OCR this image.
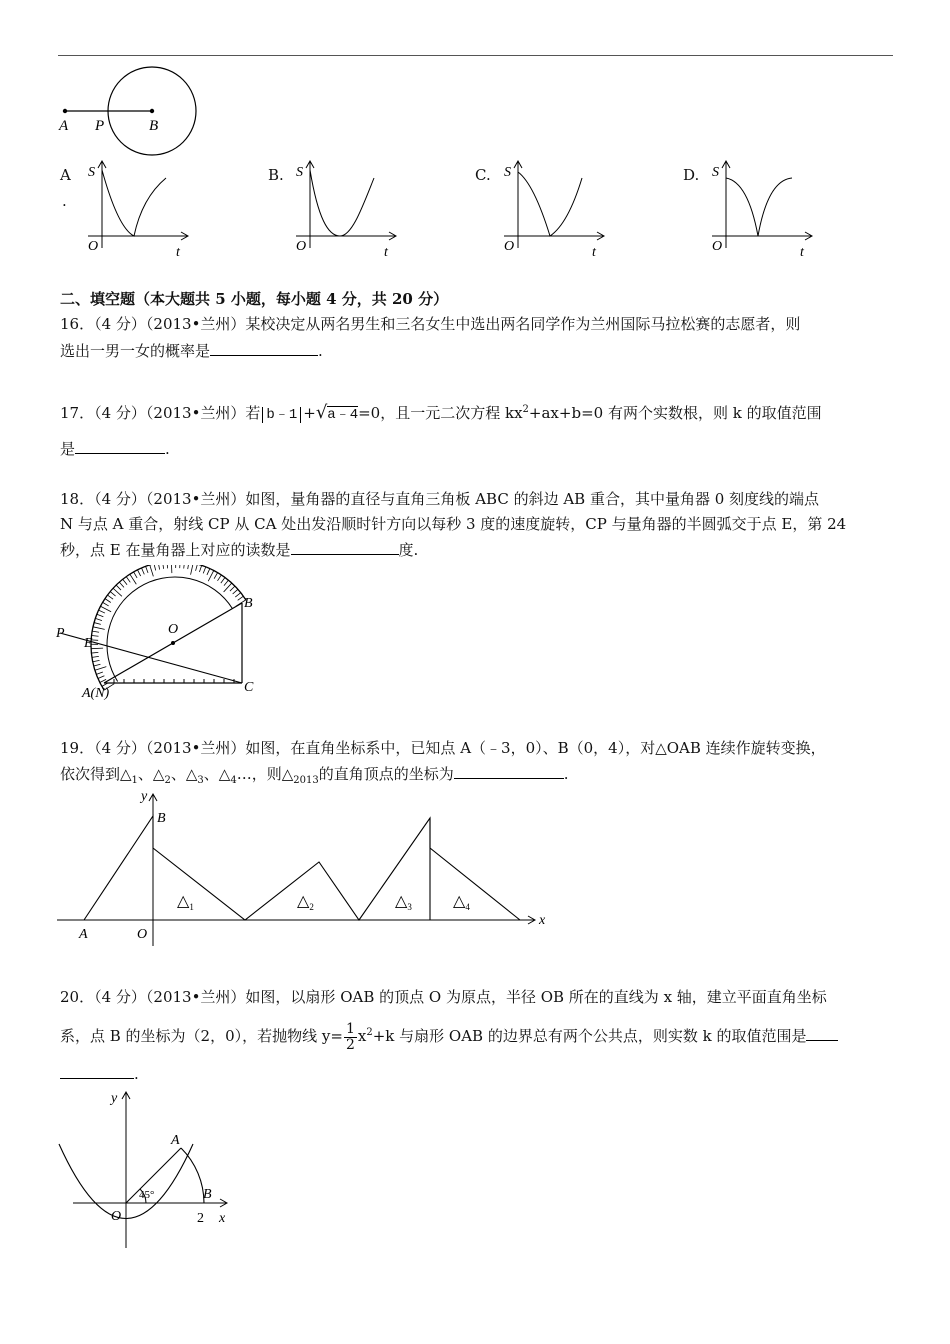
A P	B
A
.
B.	C.	D.
S
O	t
S
O	t
S
O	t
S
O	t
二、填空题（本大题共 5 小题，每小题 4 分，共 20 分）
16．（4 分）（2013•兰州）某校决定从两名男生和三名女生中选出两名同学作为兰州国际马拉松赛的志愿者，则
选出一男一女的概率是	.
17．（4 分）（2013•兰州）若 b﹣1 +√a﹣4=0，且一元二次方程 $kx^2+ax+b=0$ 有两个实数根，则 k 的取值范围
是	.
18．（4 分）（2013•兰州）如图，量角器的直径与直角三角板 ABC 的斜边 AB 重合，其中量角器 0 刻度线的端点
N 与点 A 重合，射线 CP 从 CA 处出发沿顺时针方向以每秒 3 度的速度旋转，CP 与量角器的半圆弧交于点 E，第 24
秒，点 E 在量角器上对应的读数是	度.
P
E
O
B
A(N)	C
19．（4 分）（2013•兰州）如图，在直角坐标系中，已知点 A（﹣3，0）、B（0，4），对△OAB 连续作旋转变换，
依次得到$\triangle_1$、$\triangle_2$、$\triangle_3$、$\triangle_4\dots$，则$\triangle_{2013}$的直角顶点的坐标为	.
y
x
A	O
B
$\triangle_1$	$\triangle_2$	$\triangle_3$	$\triangle_4$
20．（4 分）（2013•兰州）如图，以扇形 OAB 的顶点 O 为原点，半径 OB 所在的直线为 x 轴，建立平面直角坐标
系，点 B 的坐标为（2，0），若抛物线 $y= \frac{1}{2} x^2+k$ 与扇形 OAB 的边界总有两个公共点，则实数 k 的取值范围是
.
y
x
A
B
O	2
45°
